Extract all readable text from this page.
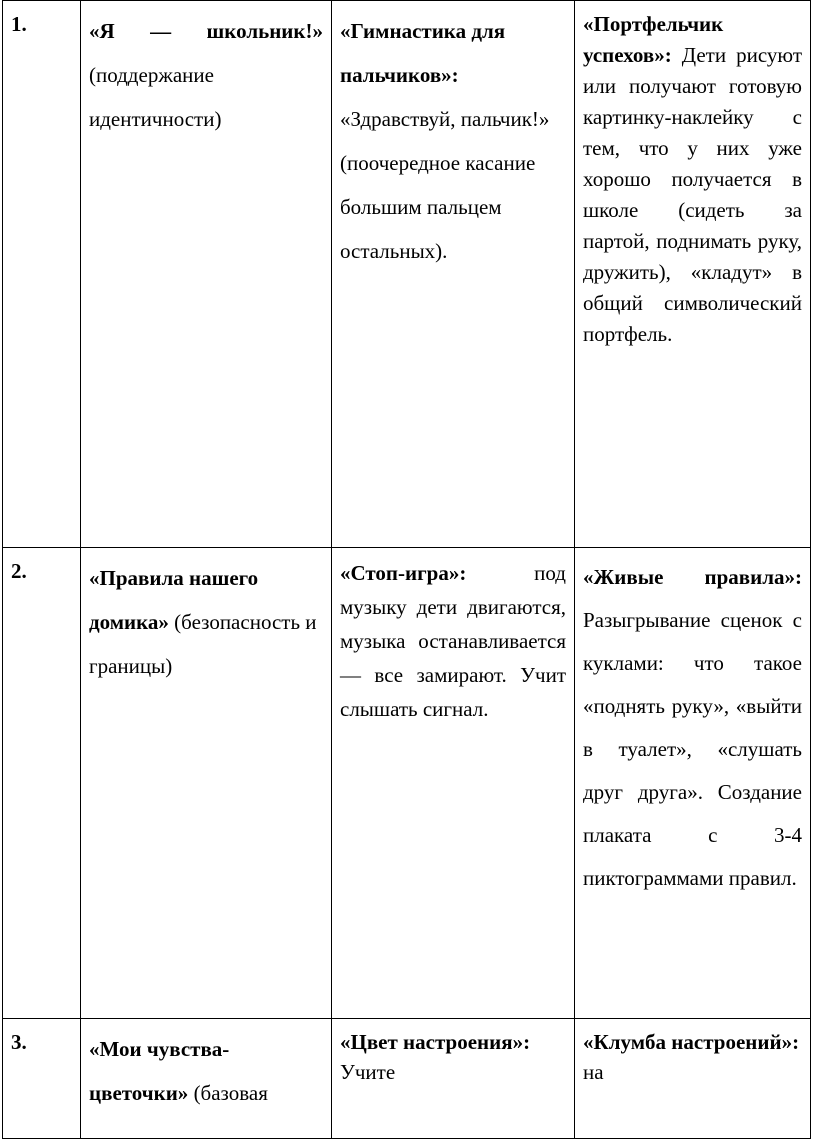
1.	«Я — школьник!» (поддержание идентичности)	«Гимнастика для пальчиков»: «Здравствуй, пальчик!» (поочередное касание большим пальцем остальных).	«Портфельчик успехов»: Дети рисуют или получают готовую картинку-наклейку с тем, что у них уже хорошо получается в школе (сидеть за партой, поднимать руку, дружить), «кладут» в общий символический портфель.

2.	«Правила нашего домика» (безопасность и границы)	«Стоп-игра»: под музыку дети двигаются, музыка останавливается — все замирают. Учит слышать сигнал.	«Живые правила»: Разыгрывание сценок с куклами: что такое «поднять руку», «выйти в туалет», «слушать друг друга». Создание плаката с 3-4 пиктограммами правил.

3.	«Мои чувства-цветочки» (базовая	«Цвет настроения»: Учите	«Клумба настроений»: на
